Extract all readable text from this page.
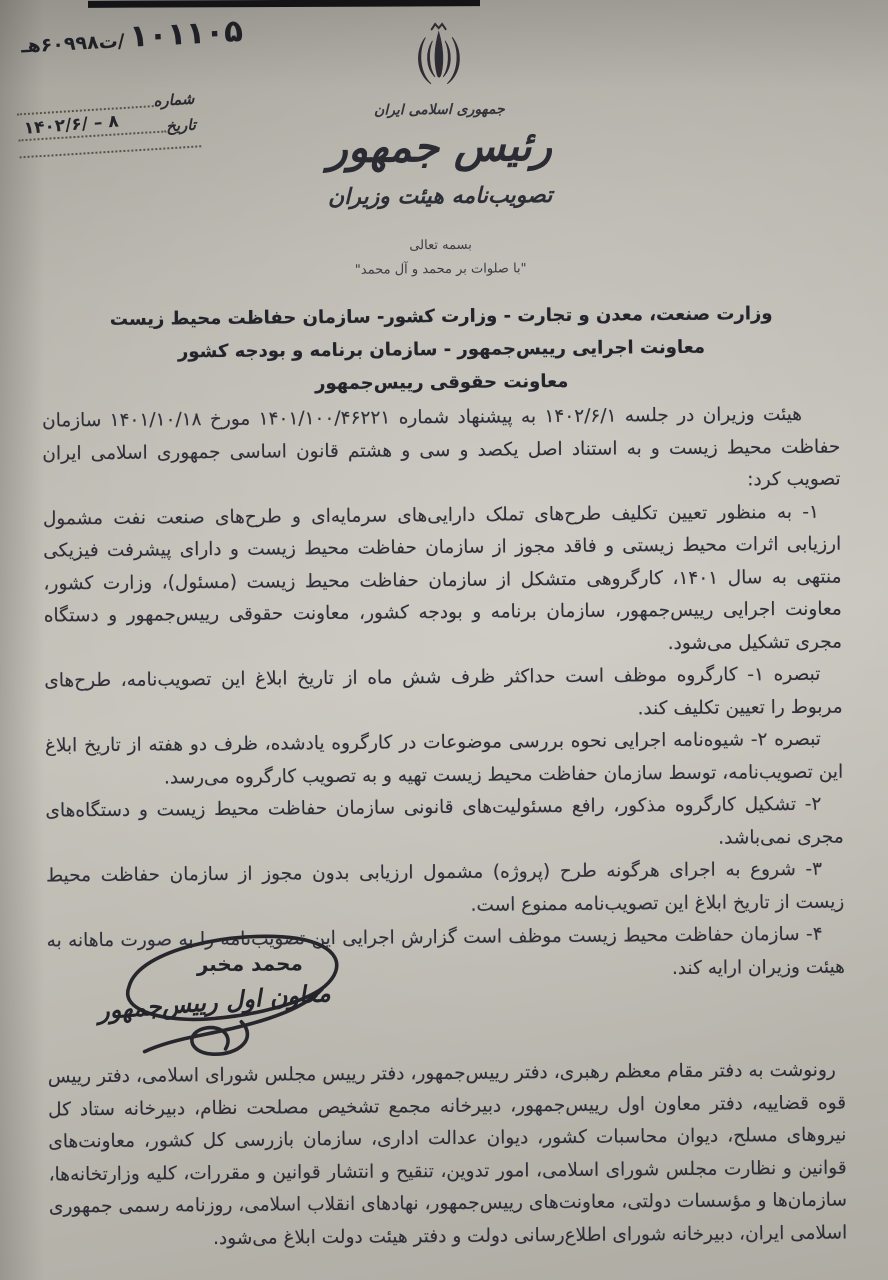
۱۰۱۱۰۵ /ت۶۰۹۹۸هـ
شماره
تاریخ
۱۴۰۲/۶/ – ۸
جمهوری اسلامی ایران
رئیس جمهور
تصویب‌نامه هیئت وزیران
بسمه تعالی
"با صلوات بر محمد و آل محمد"
وزارت صنعت، معدن و تجارت - وزارت کشور- سازمان حفاظت محیط زیست
معاونت اجرایی رییس‌جمهور - سازمان برنامه و بودجه کشور
معاونت حقوقی رییس‌جمهور

هیئت وزیران در جلسه ۱۴۰۲/۶/۱ به پیشنهاد شماره ۱۴۰۱/۱۰۰/۴۶۲۲۱ مورخ ۱۴۰۱/۱۰/۱۸ سازمان حفاظت محیط زیست و به استناد اصل یکصد و سی و هشتم قانون اساسی جمهوری اسلامی ایران تصویب کرد:

۱- به منظور تعیین تکلیف طرح‌های تملک دارایی‌های سرمایه‌ای و طرح‌های صنعت نفت مشمول ارزیابی اثرات محیط زیستی و فاقد مجوز از سازمان حفاظت محیط زیست و دارای پیشرفت فیزیکی منتهی به سال ۱۴۰۱، کارگروهی متشکل از سازمان حفاظت محیط زیست (مسئول)، وزارت کشور، معاونت اجرایی رییس‌جمهور، سازمان برنامه و بودجه کشور، معاونت حقوقی رییس‌جمهور و دستگاه مجری تشکیل می‌شود.

تبصره ۱- کارگروه موظف است حداکثر ظرف شش ماه از تاریخ ابلاغ این تصویب‌نامه، طرح‌های مربوط را تعیین تکلیف کند.

تبصره ۲- شیوه‌نامه اجرایی نحوه بررسی موضوعات در کارگروه یادشده، ظرف دو هفته از تاریخ ابلاغ این تصویب‌نامه، توسط سازمان حفاظت محیط زیست تهیه و به تصویب کارگروه می‌رسد.

۲- تشکیل کارگروه مذکور، رافع مسئولیت‌های قانونی سازمان حفاظت محیط زیست و دستگاه‌های مجری نمی‌باشد.

۳- شروع به اجرای هرگونه طرح (پروژه) مشمول ارزیابی بدون مجوز از سازمان حفاظت محیط زیست از تاریخ ابلاغ این تصویب‌نامه ممنوع است.

۴- سازمان حفاظت محیط زیست موظف است گزارش اجرایی این تصویب‌نامه را به صورت ماهانه به هیئت وزیران ارایه کند.

محمد مخبر
معاون اول رییس‌جمهور
رونوشت به دفتر مقام معظم رهبری، دفتر رییس‌جمهور، دفتر رییس مجلس شورای اسلامی، دفتر رییس قوه قضاییه، دفتر معاون اول رییس‌جمهور، دبیرخانه مجمع تشخیص مصلحت نظام، دبیرخانه ستاد کل نیروهای مسلح، دیوان محاسبات کشور، دیوان عدالت اداری، سازمان بازرسی کل کشور، معاونت‌های قوانین و نظارت مجلس شورای اسلامی، امور تدوین، تنقیح و انتشار قوانین و مقررات، کلیه وزارتخانه‌ها، سازمان‌ها و مؤسسات دولتی، معاونت‌های رییس‌جمهور، نهادهای انقلاب اسلامی، روزنامه رسمی جمهوری اسلامی ایران، دبیرخانه شورای اطلاع‌رسانی دولت و دفتر هیئت دولت ابلاغ می‌شود.
